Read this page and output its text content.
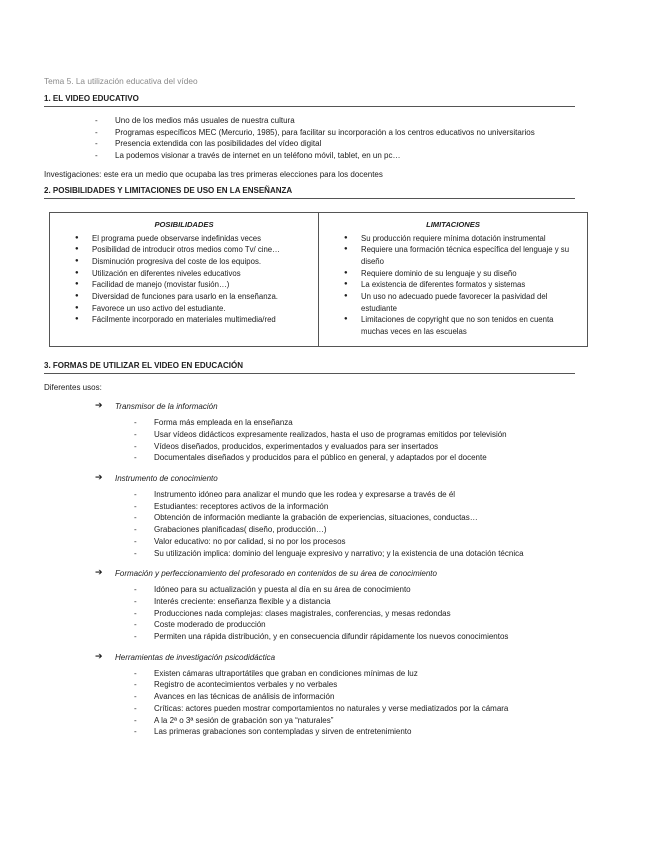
Tema 5. La utilización educativa del vídeo

1. EL VIDEO EDUCATIVO
- Uno de los medios más usuales de nuestra cultura
- Programas específicos MEC (Mercurio, 1985), para facilitar su incorporación a los centros educativos no universitarios
- Presencia extendida con las posibilidades del vídeo digital
- La podemos visionar a través de internet en un teléfono móvil, tablet, en un pc…

Investigaciones: este era un medio que ocupaba las tres primeras elecciones para los docentes

2. POSIBILIDADES Y LIMITACIONES DE USO EN LA ENSEÑANZA
POSIBILIDADES
● El programa puede observarse indefinidas veces
● Posibilidad de introducir otros medios como Tv/ cine…
● Disminución progresiva del coste de los equipos.
● Utilización en diferentes niveles educativos
● Facilidad de manejo (movistar fusión…)
● Diversidad de funciones para usarlo en la enseñanza.
● Favorece un uso activo del estudiante.
● Fácilmente incorporado en materiales multimedia/red
LIMITACIONES
● Su producción requiere mínima dotación instrumental
● Requiere una formación técnica específica del lenguaje y su diseño
● Requiere dominio de su lenguaje y su diseño
● La existencia de diferentes formatos y sistemas
● Un uso no adecuado puede favorecer la pasividad del estudiante
● Limitaciones de copyright que no son tenidos en cuenta muchas veces en las escuelas
3. FORMAS DE UTILIZAR EL VIDEO EN EDUCACIÓN

Diferentes usos:

➔ Transmisor de la información
- Forma más empleada en la enseñanza
- Usar vídeos didácticos expresamente realizados, hasta el uso de programas emitidos por televisión
- Vídeos diseñados, producidos, experimentados y evaluados para ser insertados
- Documentales diseñados y producidos para el público en general, y adaptados por el docente
➔ Instrumento de conocimiento
- Instrumento idóneo para analizar el mundo que les rodea y expresarse a través de él
- Estudiantes: receptores activos de la información
- Obtención de información mediante la grabación de experiencias, situaciones, conductas…
- Grabaciones planificadas( diseño, producción…)
- Valor educativo: no por calidad, si no por los procesos
- Su utilización implica: dominio del lenguaje expresivo y narrativo; y la existencia de una dotación técnica
➔ Formación y perfeccionamiento del profesorado en contenidos de su área de conocimiento
- Idóneo para su actualización y puesta al día en su área de conocimiento
- Interés creciente: enseñanza flexible y a distancia
- Producciones nada complejas: clases magistrales, conferencias, y mesas redondas
- Coste moderado de producción
- Permiten una rápida distribución, y en consecuencia difundir rápidamente los nuevos conocimientos
➔ Herramientas de investigación psicodidáctica
- Existen cámaras ultraportátiles que graban en condiciones mínimas de luz
- Registro de acontecimientos verbales y no verbales
- Avances en las técnicas de análisis de información
- Críticas: actores pueden mostrar comportamientos no naturales y verse mediatizados por la cámara
- A la 2ª o 3ª sesión de grabación son ya “naturales”
- Las primeras grabaciones son contempladas y sirven de entretenimiento
